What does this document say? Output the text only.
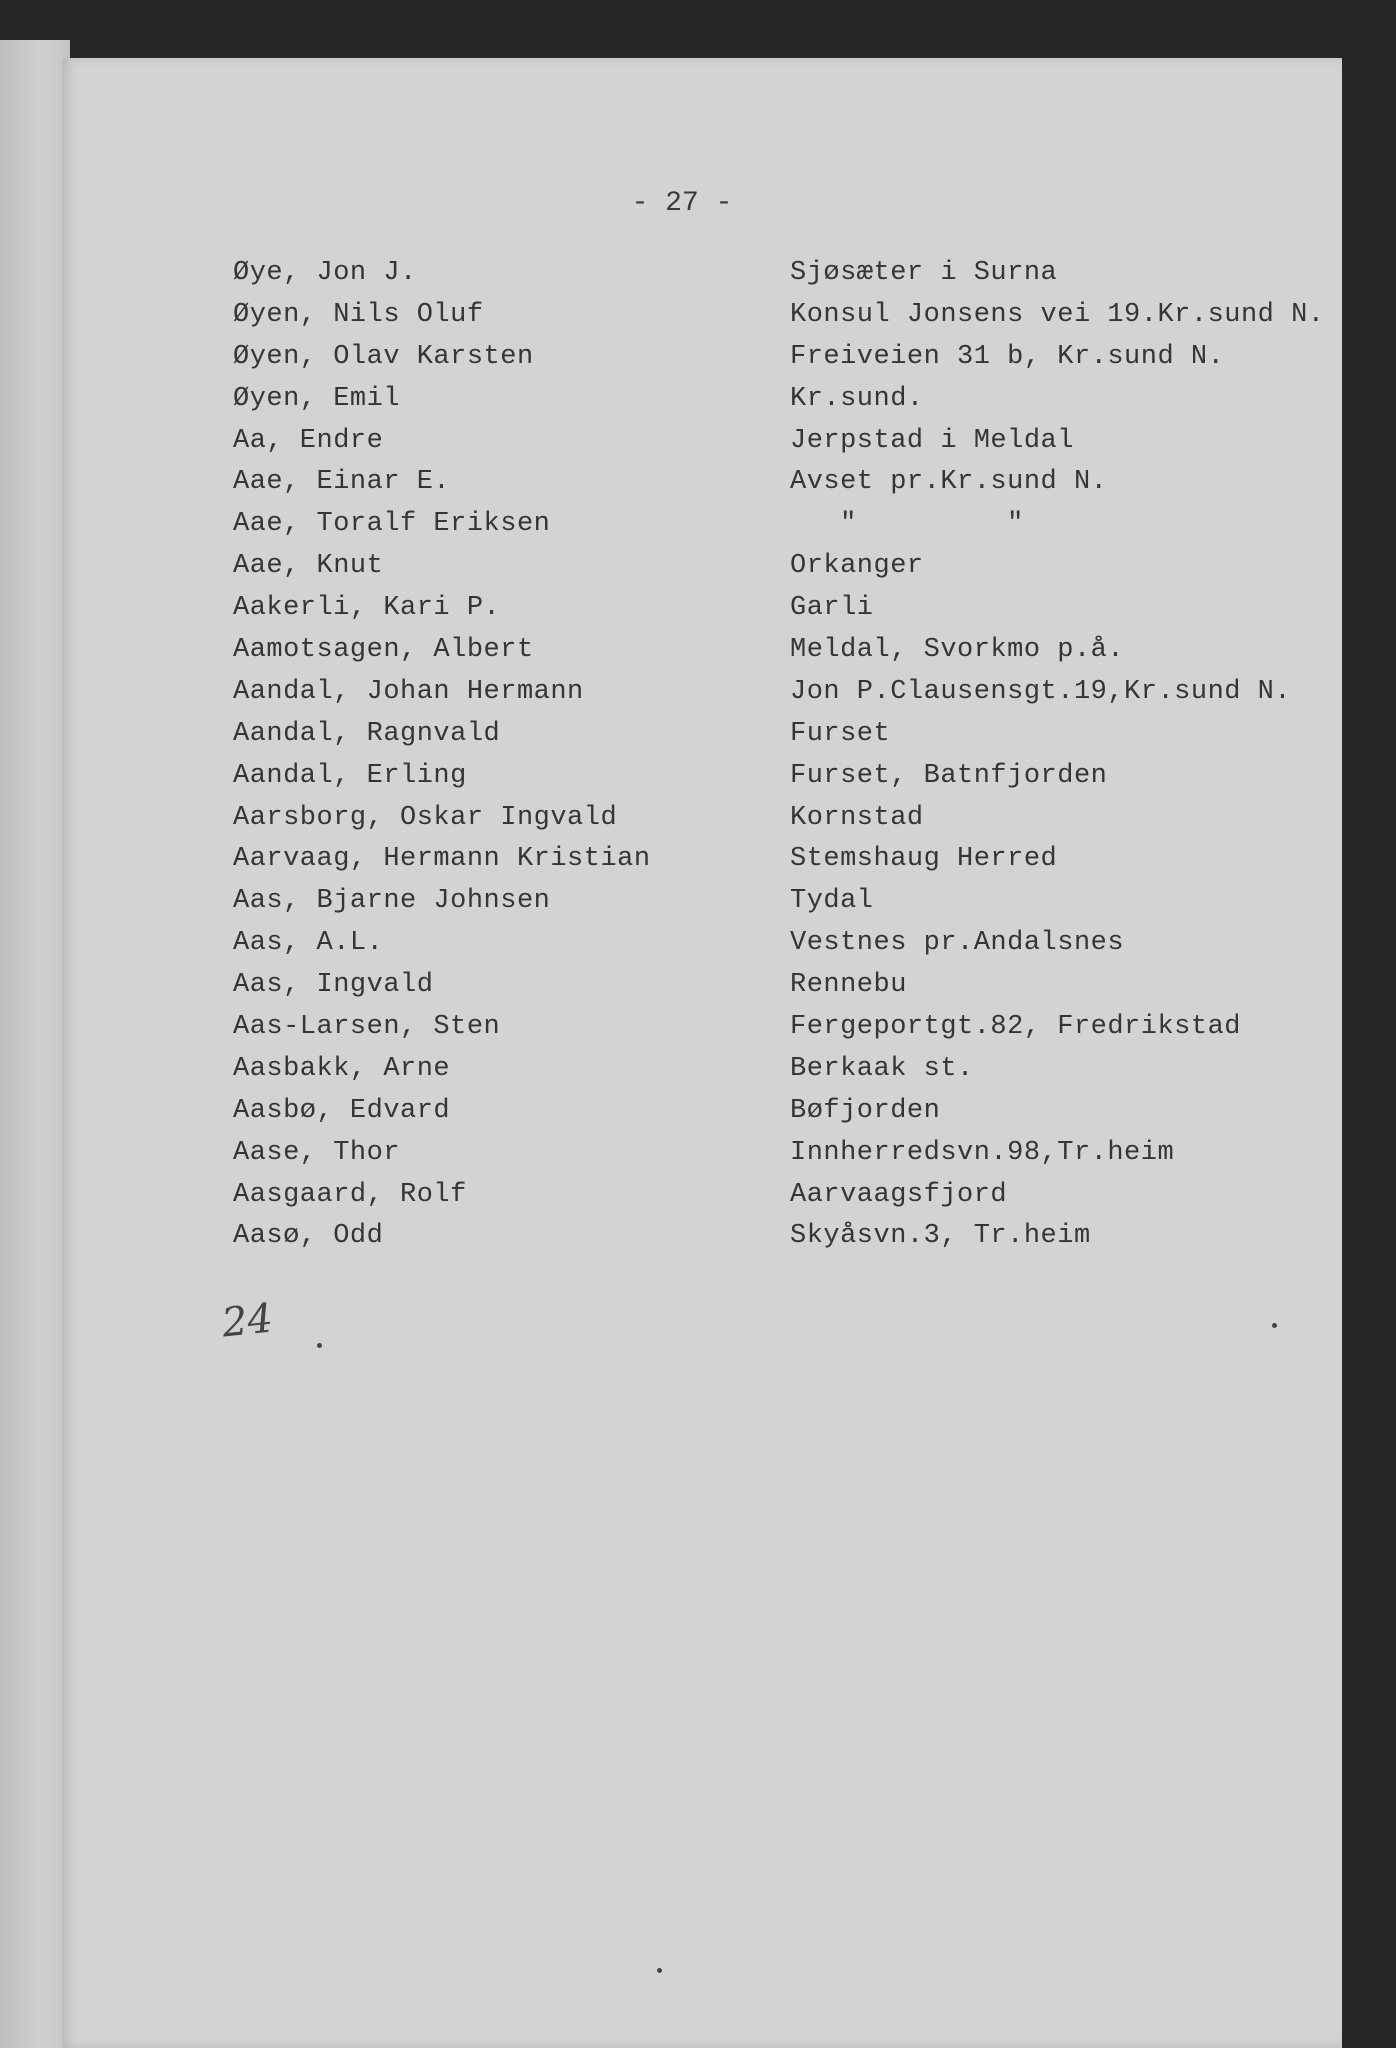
- 27 -

24
Øye, Jon J.	Sjøsæter i Surna
Øyen, Nils Oluf	Konsul Jonsens vei 19.Kr.sund N.
Øyen, Olav Karsten	Freiveien 31 b, Kr.sund N.
Øyen, Emil	Kr.sund.
Aa, Endre	Jerpstad i Meldal
Aae, Einar E.	Avset pr.Kr.sund N.
Aae, Toralf Eriksen	"         "
Aae, Knut	Orkanger
Aakerli, Kari P.	Garli
Aamotsagen, Albert	Meldal, Svorkmo p.å.
Aandal, Johan Hermann	Jon P.Clausensgt.19,Kr.sund N.
Aandal, Ragnvald	Furset
Aandal, Erling	Furset, Batnfjorden
Aarsborg, Oskar Ingvald	Kornstad
Aarvaag, Hermann Kristian	Stemshaug Herred
Aas, Bjarne Johnsen	Tydal
Aas, A.L.	Vestnes pr.Andalsnes
Aas, Ingvald	Rennebu
Aas-Larsen, Sten	Fergeportgt.82, Fredrikstad
Aasbakk, Arne	Berkaak st.
Aasbø, Edvard	Bøfjorden
Aase, Thor	Innherredsvn.98,Tr.heim
Aasgaard, Rolf	Aarvaagsfjord
Aasø, Odd	Skyåsvn.3, Tr.heim
